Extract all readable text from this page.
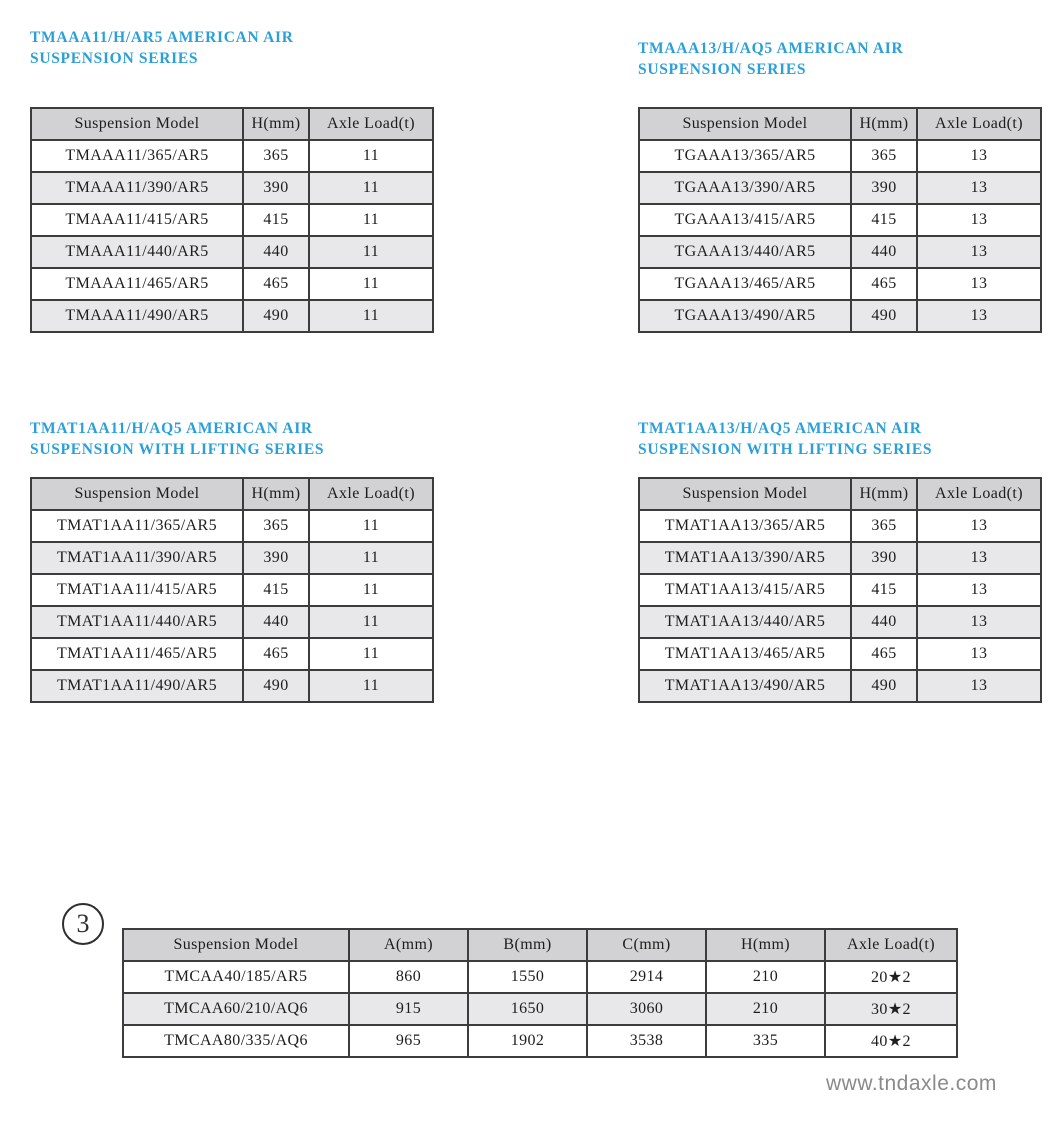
TMAAA11/H/AR5 AMERICAN AIR
SUSPENSION SERIES
Suspension Model	H(mm)	Axle Load(t)
TMAAA11/365/AR5	365	11
TMAAA11/390/AR5	390	11
TMAAA11/415/AR5	415	11
TMAAA11/440/AR5	440	11
TMAAA11/465/AR5	465	11
TMAAA11/490/AR5	490	11
TMAAA13/H/AQ5 AMERICAN AIR
SUSPENSION SERIES
Suspension Model	H(mm)	Axle Load(t)
TGAAA13/365/AR5	365	13
TGAAA13/390/AR5	390	13
TGAAA13/415/AR5	415	13
TGAAA13/440/AR5	440	13
TGAAA13/465/AR5	465	13
TGAAA13/490/AR5	490	13
TMAT1AA11/H/AQ5 AMERICAN AIR
SUSPENSION WITH LIFTING SERIES
Suspension Model	H(mm)	Axle Load(t)
TMAT1AA11/365/AR5	365	11
TMAT1AA11/390/AR5	390	11
TMAT1AA11/415/AR5	415	11
TMAT1AA11/440/AR5	440	11
TMAT1AA11/465/AR5	465	11
TMAT1AA11/490/AR5	490	11
TMAT1AA13/H/AQ5 AMERICAN AIR
SUSPENSION WITH LIFTING SERIES
Suspension Model	H(mm)	Axle Load(t)
TMAT1AA13/365/AR5	365	13
TMAT1AA13/390/AR5	390	13
TMAT1AA13/415/AR5	415	13
TMAT1AA13/440/AR5	440	13
TMAT1AA13/465/AR5	465	13
TMAT1AA13/490/AR5	490	13
3
Suspension Model	A(mm)	B(mm)	C(mm)	H(mm)	Axle Load(t)
TMCAA40/185/AR5	860	1550	2914	210	20★2
TMCAA60/210/AQ6	915	1650	3060	210	30★2
TMCAA80/335/AQ6	965	1902	3538	335	40★2
www.tndaxle.com
